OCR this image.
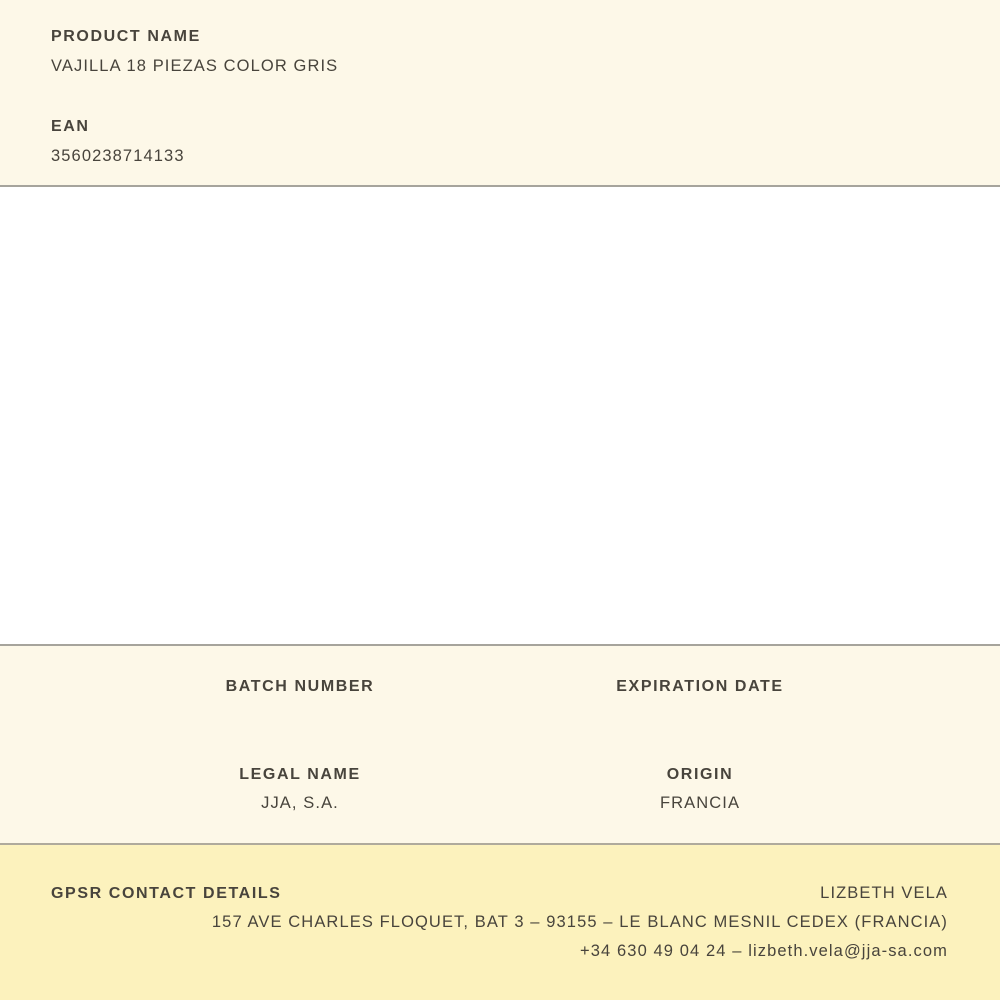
PRODUCT NAME
VAJILLA 18 PIEZAS COLOR GRIS
EAN
3560238714133
BATCH NUMBER	EXPIRATION DATE
LEGAL NAME
JJA, S.A.
ORIGIN
FRANCIA
GPSR CONTACT DETAILS	LIZBETH VELA
157 AVE CHARLES FLOQUET, BAT 3 – 93155 – LE BLANC MESNIL CEDEX (FRANCIA)
+34 630 49 04 24 – lizbeth.vela@jja-sa.com
